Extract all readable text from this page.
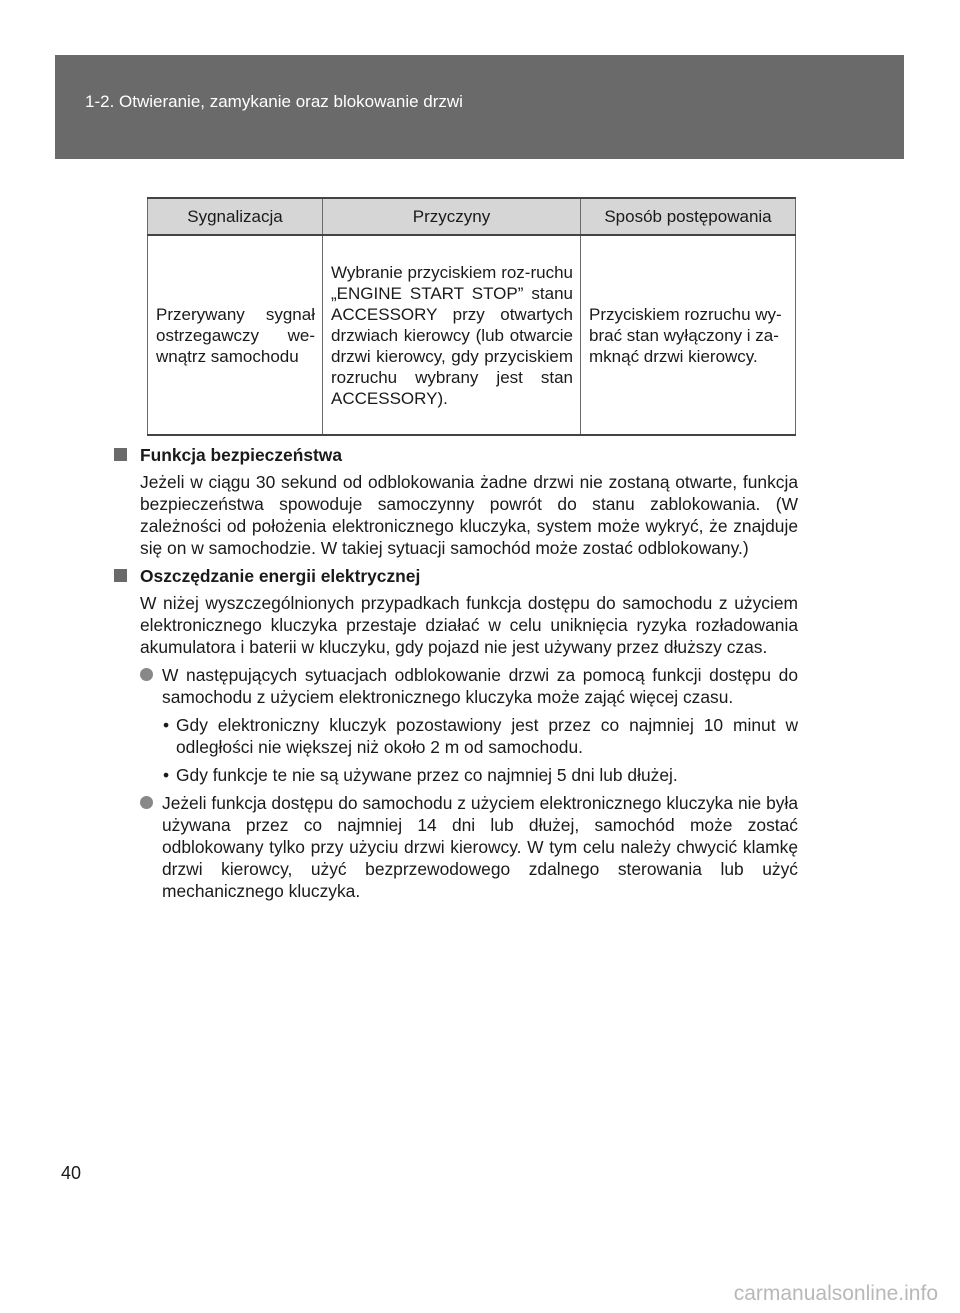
1-2. Otwieranie, zamykanie oraz blokowanie drzwi
Sygnalizacja	Przyczyny	Sposób postępowania
Przerywany sygnał ostrzegawczy we-wnątrz samochodu	Wybranie przyciskiem roz-ruchu „ENGINE START STOP” stanu ACCESSORY przy otwartych drzwiach kierowcy (lub otwarcie drzwi kierowcy, gdy przyciskiem rozruchu wybrany jest stan ACCESSORY).	Przyciskiem rozruchu wy-brać stan wyłączony i za-mknąć drzwi kierowcy.
Funkcja bezpieczeństwa
Jeżeli w ciągu 30 sekund od odblokowania żadne drzwi nie zostaną otwarte, funkcja bezpieczeństwa spowoduje samoczynny powrót do stanu zablokowania. (W zależności od położenia elektronicznego kluczyka, system może wykryć, że znajduje się on w samochodzie. W takiej sytuacji samochód może zostać odblokowany.)
Oszczędzanie energii elektrycznej
W niżej wyszczególnionych przypadkach funkcja dostępu do samochodu z użyciem elektronicznego kluczyka przestaje działać w celu uniknięcia ryzyka rozładowania akumulatora i baterii w kluczyku, gdy pojazd nie jest używany przez dłuższy czas.
W następujących sytuacjach odblokowanie drzwi za pomocą funkcji dostępu do samochodu z użyciem elektronicznego kluczyka może zająć więcej czasu.
• Gdy elektroniczny kluczyk pozostawiony jest przez co najmniej 10 minut w odległości nie większej niż około 2 m od samochodu.
• Gdy funkcje te nie są używane przez co najmniej 5 dni lub dłużej.
Jeżeli funkcja dostępu do samochodu z użyciem elektronicznego kluczyka nie była używana przez co najmniej 14 dni lub dłużej, samochód może zostać odblokowany tylko przy użyciu drzwi kierowcy. W tym celu należy chwycić klamkę drzwi kierowcy, użyć bezprzewodowego zdalnego sterowania lub użyć mechanicznego kluczyka.
40
carmanualsonline.info
